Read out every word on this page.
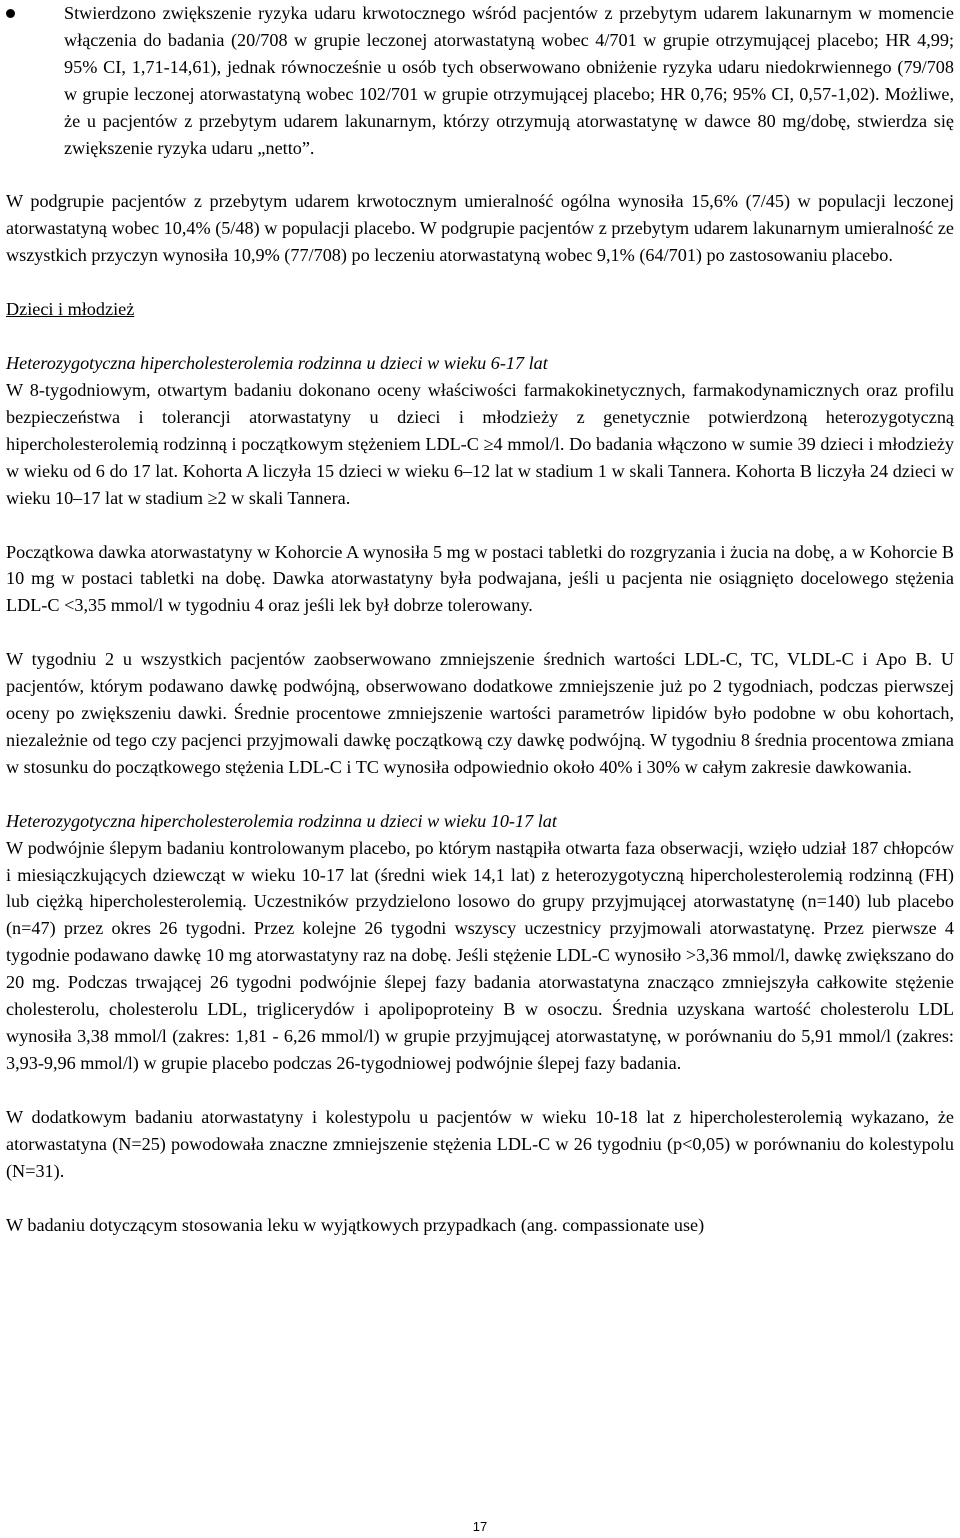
Stwierdzono zwiększenie ryzyka udaru krwotocznego wśród pacjentów z przebytym udarem lakunarnym w momencie włączenia do badania (20/708 w grupie leczonej atorwastatyną wobec 4/701 w grupie otrzymującej placebo; HR 4,99; 95% CI, 1,71-14,61), jednak równocześnie u osób tych obserwowano obniżenie ryzyka udaru niedokrwiennego (79/708 w grupie leczonej atorwastatyną wobec 102/701 w grupie otrzymującej placebo; HR 0,76; 95% CI, 0,57-1,02). Możliwe, że u pacjentów z przebytym udarem lakunarnym, którzy otrzymują atorwastatynę w dawce 80 mg/dobę, stwierdza się zwiększenie ryzyka udaru „netto”.

W podgrupie pacjentów z przebytym udarem krwotocznym umieralność ogólna wynosiła 15,6% (7/45) w populacji leczonej atorwastatyną wobec 10,4% (5/48) w populacji placebo. W podgrupie pacjentów z przebytym udarem lakunarnym umieralność ze wszystkich przyczyn wynosiła 10,9% (77/708) po leczeniu atorwastatyną wobec 9,1% (64/701) po zastosowaniu placebo.

Dzieci i młodzież

Heterozygotyczna hipercholesterolemia rodzinna u dzieci w wieku 6-17 lat

W 8-tygodniowym, otwartym badaniu dokonano oceny właściwości farmakokinetycznych, farmakodynamicznych oraz profilu bezpieczeństwa i tolerancji atorwastatyny u dzieci i młodzieży z genetycznie potwierdzoną heterozygotyczną hipercholesterolemią rodzinną i początkowym stężeniem LDL-C ≥4 mmol/l. Do badania włączono w sumie 39 dzieci i młodzieży w wieku od 6 do 17 lat. Kohorta A liczyła 15 dzieci w wieku 6–12 lat w stadium 1 w skali Tannera. Kohorta B liczyła 24 dzieci w wieku 10–17 lat w stadium ≥2 w skali Tannera.

Początkowa dawka atorwastatyny w Kohorcie A wynosiła 5 mg w postaci tabletki do rozgryzania i żucia na dobę, a w Kohorcie B 10 mg w postaci tabletki na dobę. Dawka atorwastatyny była podwajana, jeśli u pacjenta nie osiągnięto docelowego stężenia LDL-C <3,35 mmol/l w tygodniu 4 oraz jeśli lek był dobrze tolerowany.

W tygodniu 2 u wszystkich pacjentów zaobserwowano zmniejszenie średnich wartości LDL-C, TC, VLDL-C i Apo B. U pacjentów, którym podawano dawkę podwójną, obserwowano dodatkowe zmniejszenie już po 2 tygodniach, podczas pierwszej oceny po zwiększeniu dawki. Średnie procentowe zmniejszenie wartości parametrów lipidów było podobne w obu kohortach, niezależnie od tego czy pacjenci przyjmowali dawkę początkową czy dawkę podwójną. W tygodniu 8 średnia procentowa zmiana w stosunku do początkowego stężenia LDL-C i TC wynosiła odpowiednio około 40% i 30% w całym zakresie dawkowania.

Heterozygotyczna hipercholesterolemia rodzinna u dzieci w wieku 10-17 lat

W podwójnie ślepym badaniu kontrolowanym placebo, po którym nastąpiła otwarta faza obserwacji, wzięło udział 187 chłopców i miesiączkujących dziewcząt w wieku 10-17 lat (średni wiek 14,1 lat) z heterozygotyczną hipercholesterolemią rodzinną (FH) lub ciężką hipercholesterolemią. Uczestników przydzielono losowo do grupy przyjmującej atorwastatynę (n=140) lub placebo (n=47) przez okres 26 tygodni. Przez kolejne 26 tygodni wszyscy uczestnicy przyjmowali atorwastatynę. Przez pierwsze 4 tygodnie podawano dawkę 10 mg atorwastatyny raz na dobę. Jeśli stężenie LDL-C wynosiło >3,36 mmol/l, dawkę zwiększano do 20 mg. Podczas trwającej 26 tygodni podwójnie ślepej fazy badania atorwastatyna znacząco zmniejszyła całkowite stężenie cholesterolu, cholesterolu LDL, triglicerydów i apolipoproteiny B w osoczu. Średnia uzyskana wartość cholesterolu LDL wynosiła 3,38 mmol/l (zakres: 1,81 - 6,26 mmol/l) w grupie przyjmującej atorwastatynę, w porównaniu do 5,91 mmol/l (zakres: 3,93-9,96 mmol/l) w grupie placebo podczas 26-tygodniowej podwójnie ślepej fazy badania.

W dodatkowym badaniu atorwastatyny i kolestypolu u pacjentów w wieku 10-18 lat z hipercholesterolemią wykazano, że atorwastatyna (N=25) powodowała znaczne zmniejszenie stężenia LDL-C w 26 tygodniu (p<0,05) w porównaniu do kolestypolu (N=31).

W badaniu dotyczącym stosowania leku w wyjątkowych przypadkach (ang. compassionate use)

17
